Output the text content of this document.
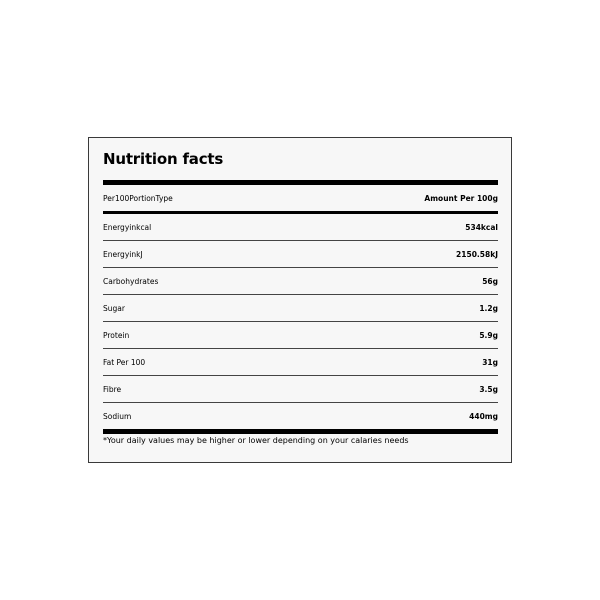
Nutrition facts
Per100PortionType	Amount Per 100g
Energyinkcal	534kcal
EnergyinkJ	2150.58kJ
Carbohydrates	56g
Sugar	1.2g
Protein	5.9g
Fat Per 100	31g
Fibre	3.5g
Sodium	440mg

*Your daily values may be higher or lower depending on your calaries needs
